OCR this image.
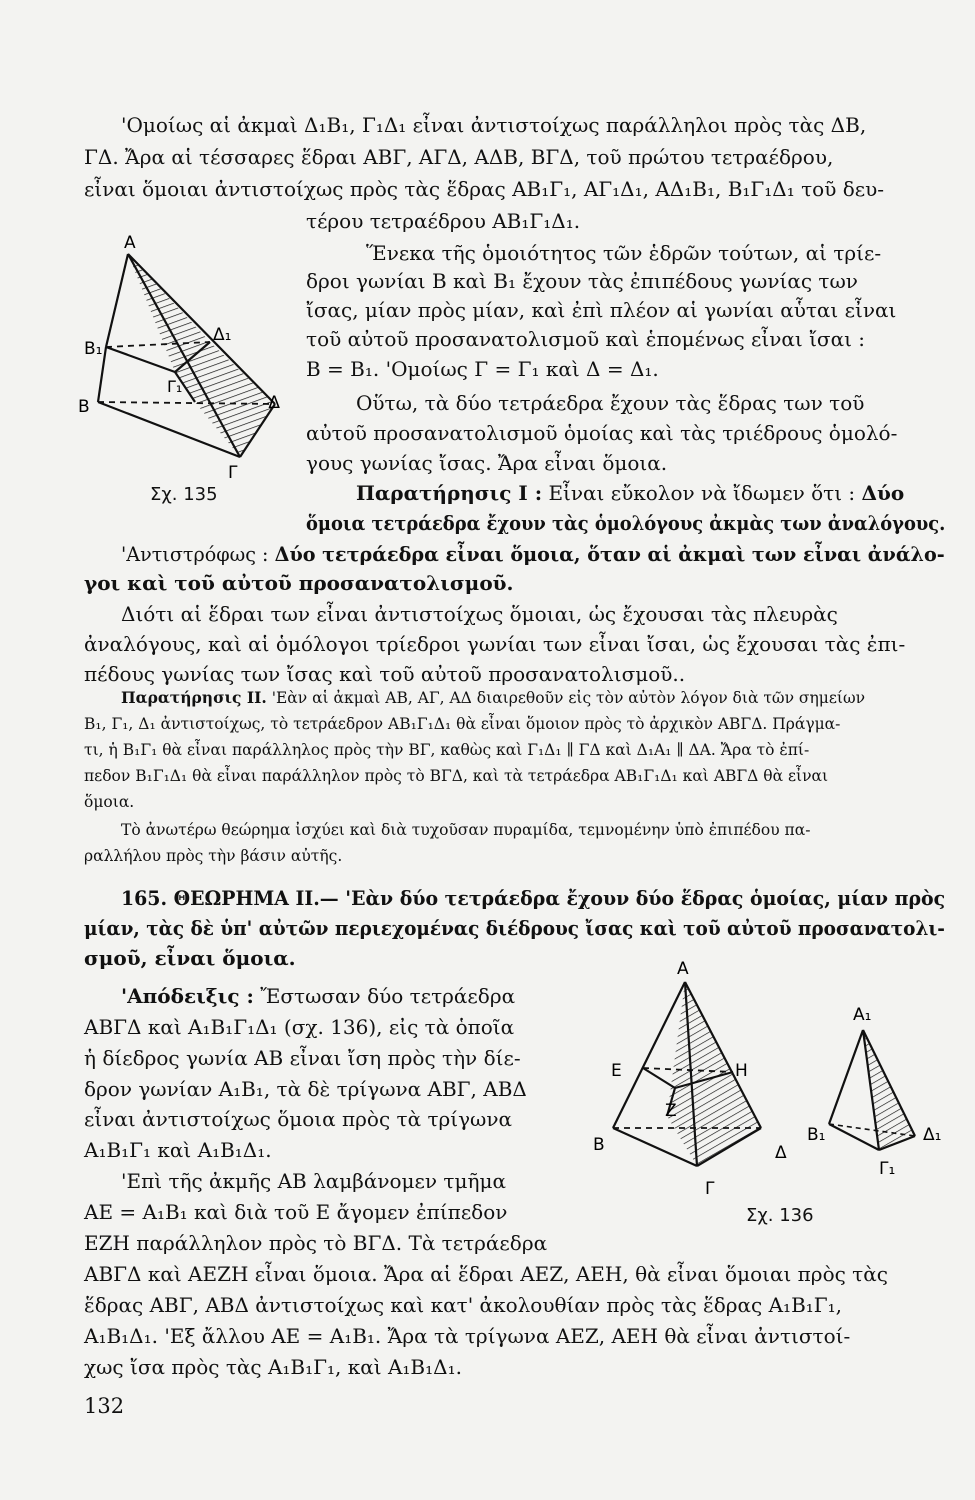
'Ομοίως αἱ ἀκμαὶ Δ₁Β₁, Γ₁Δ₁ εἶναι ἀντιστοίχως παράλληλοι πρὸς τὰς ΔΒ,
ΓΔ. Ἄρα αἱ τέσσαρες ἕδραι ΑΒΓ, ΑΓΔ, ΑΔΒ, ΒΓΔ, τοῦ πρώτου τετραέδρου,
εἶναι ὅμοιαι ἀντιστοίχως πρὸς τὰς ἕδρας ΑΒ₁Γ₁, ΑΓ₁Δ₁, ΑΔ₁Β₁, Β₁Γ₁Δ₁ τοῦ δευ-
τέρου τετραέδρου ΑΒ₁Γ₁Δ₁.
A
B₁
Δ₁
Γ₁
B	Δ
Γ
Σχ. 135
Ἕνεκα τῆς ὁμοιότητος τῶν ἑδρῶν τούτων, αἱ τρίε-
δροι γωνίαι Β καὶ Β₁ ἔχουν τὰς ἐπιπέδους γωνίας των
ἴσας, μίαν πρὸς μίαν, καὶ ἐπὶ πλέον αἱ γωνίαι αὗται εἶναι
τοῦ αὐτοῦ προσανατολισμοῦ καὶ ἑπομένως εἶναι ἴσαι :
Β = Β₁. 'Ομοίως Γ = Γ₁ καὶ Δ = Δ₁.
Οὕτω, τὰ δύο τετράεδρα ἔχουν τὰς ἕδρας των τοῦ
αὐτοῦ προσανατολισμοῦ ὁμοίας καὶ τὰς τριέδρους ὁμολό-
γους γωνίας ἴσας. Ἄρα εἶναι ὅμοια.
Παρατήρησις Ι : Εἶναι εὔκολον νὰ ἴδωμεν ὅτι : Δύο
ὅμοια τετράεδρα ἔχουν τὰς ὁμολόγους ἀκμὰς των ἀναλόγους.
'Αντιστρόφως : Δύο τετράεδρα εἶναι ὅμοια, ὅταν αἱ ἀκμαὶ των εἶναι ἀνάλο-
γοι καὶ τοῦ αὐτοῦ προσανατολισμοῦ.
Διότι αἱ ἕδραι των εἶναι ἀντιστοίχως ὅμοιαι, ὡς ἔχουσαι τὰς πλευρὰς
ἀναλόγους, καὶ αἱ ὁμόλογοι τρίεδροι γωνίαι των εἶναι ἴσαι, ὡς ἔχουσαι τὰς ἐπι-
πέδους γωνίας των ἴσας καὶ τοῦ αὐτοῦ προσανατολισμοῦ..
Παρατήρησις ΙΙ. 'Εὰν αἱ ἀκμαὶ ΑΒ, ΑΓ, ΑΔ διαιρεθοῦν εἰς τὸν αὐτὸν λόγον διὰ τῶν σημείων
Β₁, Γ₁, Δ₁ ἀντιστοίχως, τὸ τετράεδρον ΑΒ₁Γ₁Δ₁ θὰ εἶναι ὅμοιον πρὸς τὸ ἀρχικὸν ΑΒΓΔ. Πράγμα-
τι, ἡ Β₁Γ₁ θὰ εἶναι παράλληλος πρὸς τὴν ΒΓ, καθὼς καὶ Γ₁Δ₁ ∥ ΓΔ καὶ Δ₁Α₁ ∥ ΔΑ. Ἄρα τὸ ἐπί-
πεδον Β₁Γ₁Δ₁ θὰ εἶναι παράλληλον πρὸς τὸ ΒΓΔ, καὶ τὰ τετράεδρα ΑΒ₁Γ₁Δ₁ καὶ ΑΒΓΔ θὰ εἶναι
ὅμοια.
Τὸ ἀνωτέρω θεώρημα ἰσχύει καὶ διὰ τυχοῦσαν πυραμίδα, τεμνομένην ὑπὸ ἐπιπέδου πα-
ραλλήλου πρὸς τὴν βάσιν αὐτῆς.
165. ΘΕΩΡΗΜΑ ΙΙ.— 'Εὰν δύο τετράεδρα ἔχουν δύο ἕδρας ὁμοίας, μίαν πρὸς
μίαν, τὰς δὲ ὑπ' αὐτῶν περιεχομένας διέδρους ἴσας καὶ τοῦ αὐτοῦ προσανατολι-
σμοῦ, εἶναι ὅμοια.
'Απόδειξις : Ἔστωσαν δύο τετράεδρα
ΑΒΓΔ καὶ Α₁Β₁Γ₁Δ₁ (σχ. 136), εἰς τὰ ὁποῖα
ἡ δίεδρος γωνία ΑΒ εἶναι ἴση πρὸς τὴν δίε-
δρον γωνίαν Α₁Β₁, τὰ δὲ τρίγωνα ΑΒΓ, ΑΒΔ
εἶναι ἀντιστοίχως ὅμοια πρὸς τὰ τρίγωνα
Α₁Β₁Γ₁ καὶ Α₁Β₁Δ₁.
'Επὶ τῆς ἀκμῆς ΑΒ λαμβάνομεν τμῆμα
ΑΕ = Α₁Β₁ καὶ διὰ τοῦ Ε ἄγομεν ἐπίπεδον
ΕΖΗ παράλληλον πρὸς τὸ ΒΓΔ. Τὰ τετράεδρα
A
E	H
Z
B	Δ
Γ
A₁
B₁	Δ₁
Γ₁
Σχ. 136
ΑΒΓΔ καὶ ΑΕΖΗ εἶναι ὅμοια. Ἄρα αἱ ἕδραι ΑΕΖ, ΑΕΗ, θὰ εἶναι ὅμοιαι πρὸς τὰς
ἕδρας ΑΒΓ, ΑΒΔ ἀντιστοίχως καὶ κατ' ἀκολουθίαν πρὸς τὰς ἕδρας Α₁Β₁Γ₁,
Α₁Β₁Δ₁. 'Εξ ἄλλου ΑΕ = Α₁Β₁. Ἄρα τὰ τρίγωνα ΑΕΖ, ΑΕΗ θὰ εἶναι ἀντιστοί-
χως ἴσα πρὸς τὰς Α₁Β₁Γ₁, καὶ Α₁Β₁Δ₁.
132
